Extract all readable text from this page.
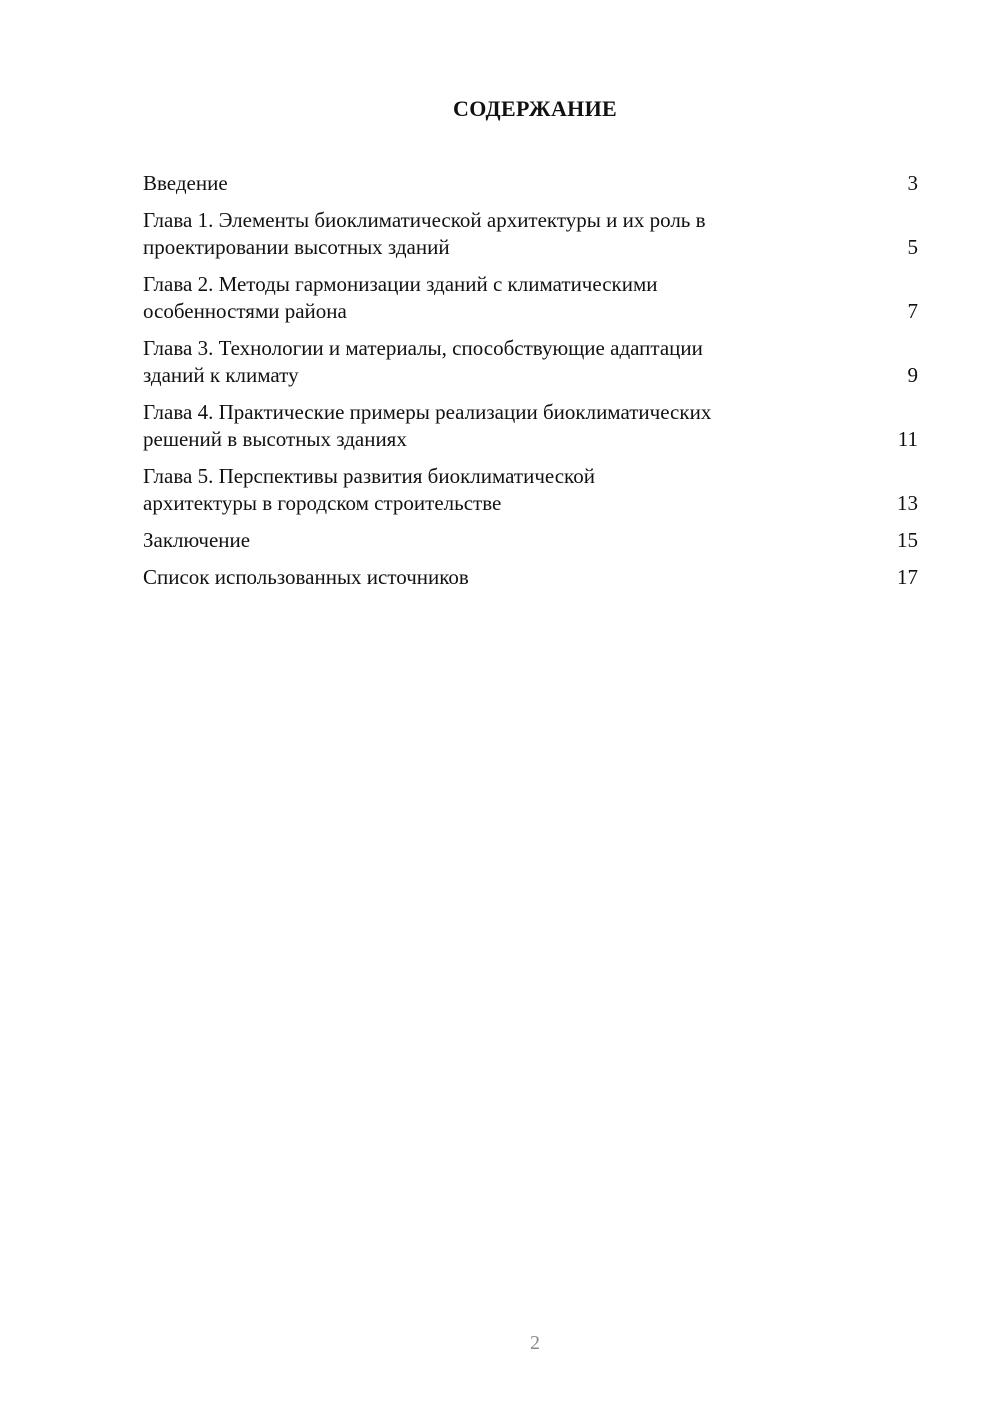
СОДЕРЖАНИЕ
Введение	3
Глава 1. Элементы биоклиматической архитектуры и их роль в
проектировании высотных зданий	5
Глава 2. Методы гармонизации зданий с климатическими
особенностями района	7
Глава 3. Технологии и материалы, способствующие адаптации
зданий к климату	9
Глава 4. Практические примеры реализации биоклиматических
решений в высотных зданиях	11
Глава 5. Перспективы развития биоклиматической
архитектуры в городском строительстве	13
Заключение	15
Список использованных источников	17
2
